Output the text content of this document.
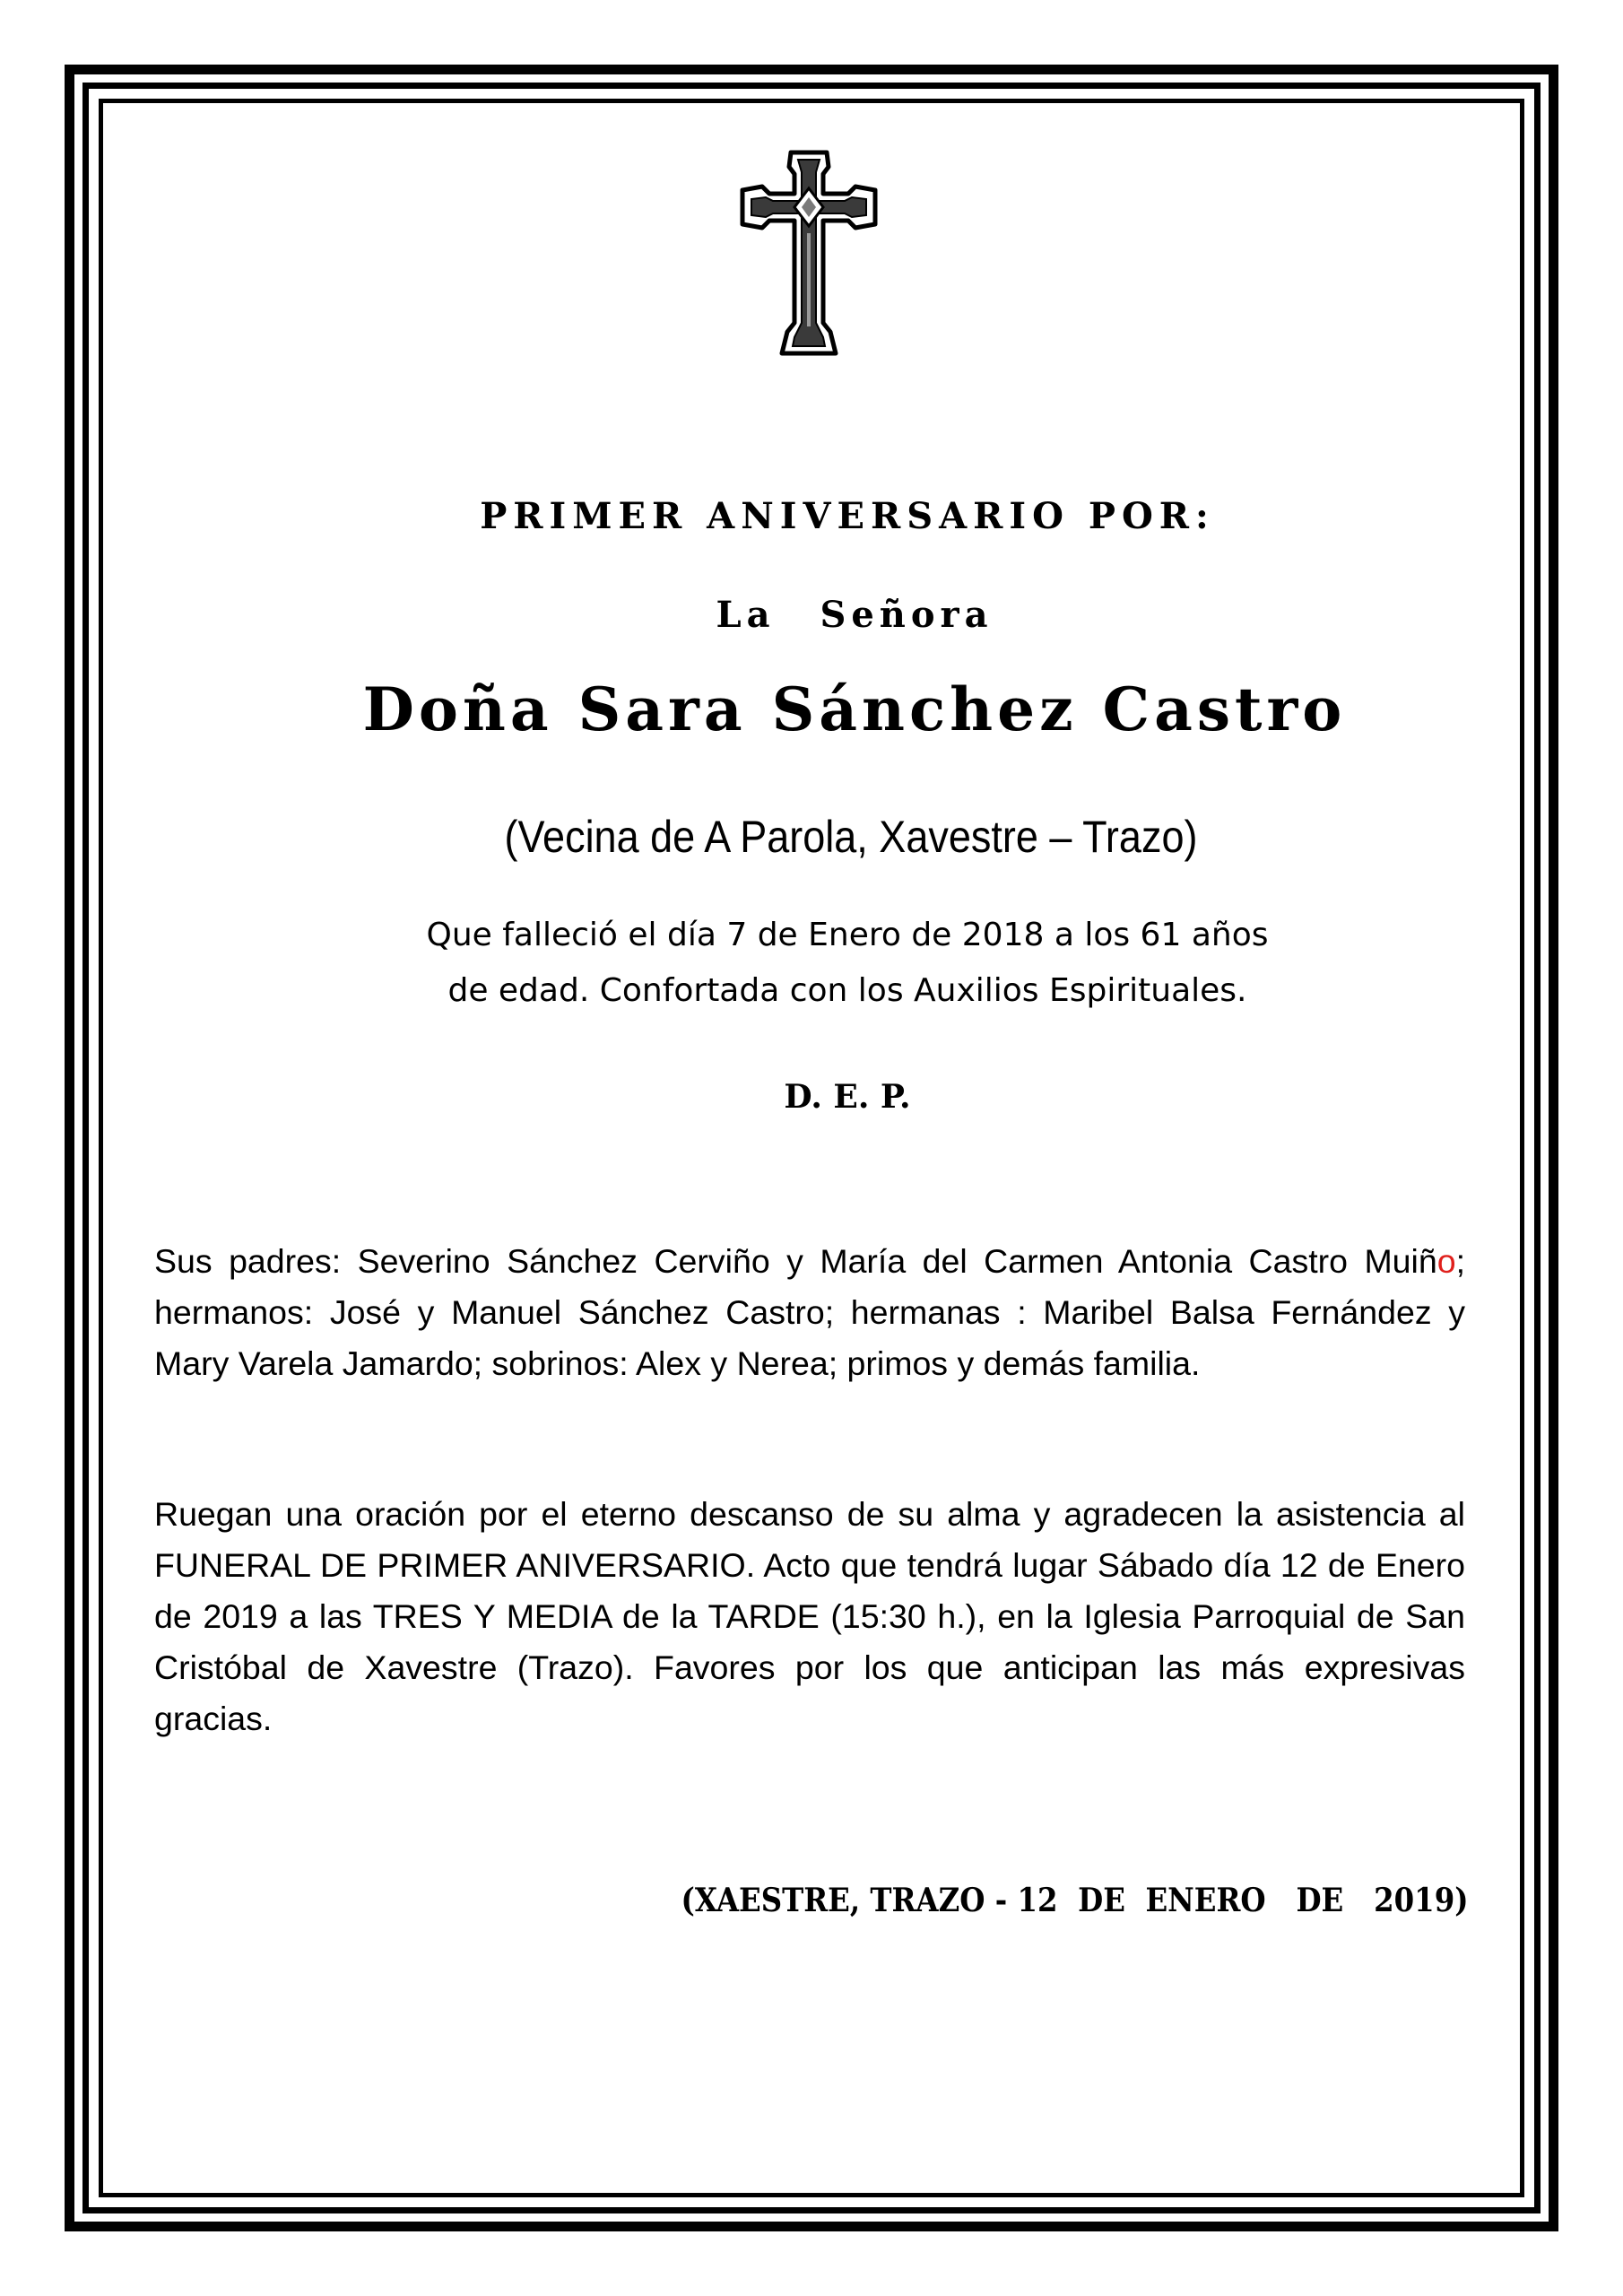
PRIMER ANIVERSARIO POR:
La Señora
Doña Sara Sánchez Castro
(Vecina de A Parola, Xavestre – Trazo)
Que falleció el día 7 de Enero de 2018 a los 61 años
de edad. Confortada con los Auxilios Espirituales.
D. E. P.
Sus padres: Severino Sánchez Cerviño y María del Carmen Antonia Castro Muiño; hermanos: José y Manuel Sánchez Castro; hermanas : Maribel Balsa Fernández y Mary Varela Jamardo; sobrinos: Alex y Nerea; primos y demás familia.
Ruegan una oración por el eterno descanso de su alma y agradecen la asistencia al FUNERAL DE PRIMER ANIVERSARIO. Acto que tendrá lugar Sábado día 12 de Enero de 2019 a las TRES Y MEDIA de la TARDE (15:30 h.), en la Iglesia Parroquial de San Cristóbal de Xavestre (Trazo). Favores por los que anticipan las más expresivas gracias.
(XAESTRE, TRAZO - 12  DE  ENERO   DE   2019)
